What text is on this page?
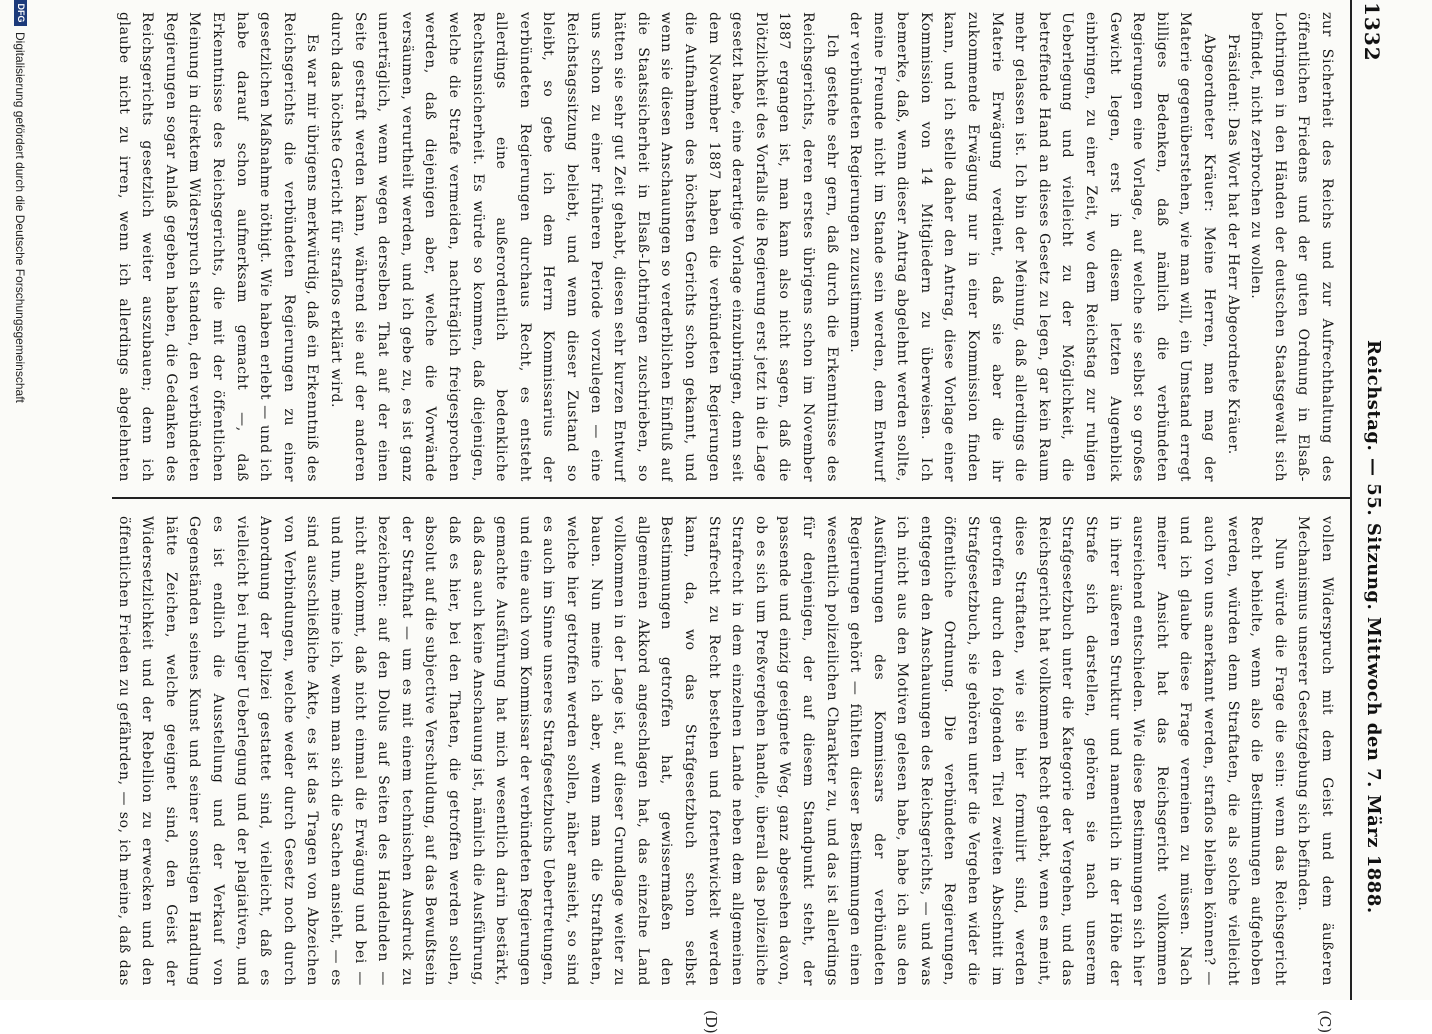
1332
Reichstag. — 55. Sitzung. Mittwoch den 7. März 1888.
(C)
(D)

zur Sicherheit des Reichs und zur Aufrechthaltung des öffentlichen Friedens und der guten Ordnung in Elsaß-Lothringen in den Händen der deutschen Staatsgewalt sich befindet, nicht zerbrochen zu wollen.

Präsident: Das Wort hat der Herr Abgeordnete Kräuer.

Abgeordneter Kräuer: Meine Herren, man mag der Materie gegenüberstehen, wie man will, ein Umstand erregt billiges Bedenken, daß nämlich die verbündeten Regierungen eine Vorlage, auf welche sie selbst so großes Gewicht legen, erst in diesem letzten Augenblick einbringen, zu einer Zeit, wo dem Reichstag zur ruhigen Ueberlegung und vielleicht zu der Möglichkeit, die betreffende Hand an dieses Gesetz zu legen, gar kein Raum mehr gelassen ist. Ich bin der Meinung, daß allerdings die Materie Erwägung verdient, daß sie aber die ihr zukommende Erwägung nur in einer Kommission finden kann, und ich stelle daher den Antrag, diese Vorlage einer Kommission von 14 Mitgliedern zu überweisen. Ich bemerke, daß, wenn dieser Antrag abgelehnt werden sollte, meine Freunde nicht im Stande sein werden, dem Entwurf der verbündeten Regierungen zuzustimmen.

Ich gestehe sehr gern, daß durch die Erkenntnisse des Reichsgerichts, deren erstes übrigens schon im November 1887 ergangen ist, man kann also nicht sagen, daß die Plötzlichkeit des Vorfalls die Regierung erst jetzt in die Lage gesetzt habe, eine derartige Vorlage einzubringen, denn seit dem November 1887 haben die verbündeten Regierungen die Aufnahmen des höchsten Gerichts schon gekannt, und wenn sie diesen Anschauungen so verderblichen Einfluß auf die Staatssicherheit in Elsaß-Lothringen zuschrieben, so hätten sie sehr gut Zeit gehabt, diesen sehr kurzen Entwurf uns schon zu einer früheren Periode vorzulegen — eine Reichstagssitzung beliebt, und wenn dieser Zustand so bleibt, so gebe ich dem Herrn Kommissarius der verbündeten Regierungen durchaus Recht, es entsteht allerdings eine außerordentlich bedenkliche Rechtsunsicherheit. Es würde so kommen, daß diejenigen, welche die Strafe vermeiden, nachträglich freigesprochen werden, daß diejenigen aber, welche die Vorwände versäumen, verurtheilt werden, und ich gebe zu, es ist ganz unerträglich, wenn wegen derselben That auf der einen Seite gestraft werden kann, während sie auf der anderen durch das höchste Gericht für straflos erklärt wird.

Es war mir übrigens merkwürdig, daß ein Erkenntniß des Reichsgerichts die verbündeten Regierungen zu einer gesetzlichen Maßnahme nöthigt. Wie haben erlebt — und ich habe darauf schon aufmerksam gemacht —, daß Erkenntnisse des Reichsgerichts, die mit der öffentlichen Meinung in direktem Widerspruch standen, den verbündeten Regierungen sogar Anlaß gegeben haben, die Gedanken des Reichsgerichts gesetzlich weiter auszubauen; denn ich glaube nicht zu irren, wenn ich allerdings abgelehnten

vollen Widerspruch mit dem Geist und dem äußeren Mechanismus unserer Gesetzgebung sich befinden.

Nun würde die Frage die sein: wenn das Reichsgericht Recht behielte, wenn also die Bestimmungen aufgehoben werden, würden denn Straftaten, die als solche vielleicht auch von uns anerkannt werden, straflos bleiben können? — und ich glaube diese Frage verneinen zu müssen. Nach meiner Ansicht hat das Reichsgericht vollkommen ausreichend entschieden. Wie diese Bestimmungen sich hier in ihrer äußeren Struktur und namentlich in der Höhe der Strafe sich darstellen, gehören sie nach unserem Strafgesetzbuch unter die Kategorie der Vergehen, und das Reichsgericht hat vollkommen Recht gehabt, wenn es meint, diese Straftaten, wie sie hier formulirt sind, werden getroffen durch den folgenden Titel zweiten Abschnitt im Strafgesetzbuch, sie gehören unter die Vergehen wider die öffentliche Ordnung. Die verbündeten Regierungen, entgegen den Anschauungen des Reichsgerichts, — und was ich nicht aus den Motiven gelesen habe, habe ich aus den Ausführungen des Kommissars der verbündeten Regierungen gehört — fühlten dieser Bestimmungen einen wesentlich polizeilichen Charakter zu, und das ist allerdings für denjenigen, der auf diesem Standpunkt steht, der passende und einzig geeignete Weg, ganz abgesehen davon, ob es sich um Preßvergehen handle, überall das polizeiliche Strafrecht in dem einzelnen Lande neben dem allgemeinen Strafrecht zu Recht bestehen und fortentwickelt werden kann, da, wo das Strafgesetzbuch schon selbst Bestimmungen getroffen hat, gewissermaßen den allgemeinen Akkord angeschlagen hat, das einzelne Land vollkommen in der Lage ist, auf dieser Grundlage weiter zu bauen. Nun meine ich aber, wenn man die Strafthaten, welche hier getroffen werden sollen, näher ansieht, so sind es auch im Sinne unseres Strafgesetzbuchs Uebertretungen, und eine auch vom Kommissar der verbündeten Regierungen gemachte Ausführung hat mich wesentlich darin bestärkt, daß das auch keine Anschauung ist, nämlich die Ausführung, daß es hier, bei den Thaten, die getroffen werden sollen, absolut auf die subjective Verschuldung, auf das Bewußtsein der Strafthat — um es mit einem technischen Ausdruck zu bezeichnen: auf den Dolus auf Seiten des Handelnden — nicht ankommt, daß nicht einmal die Erwägung und bei — und nun, meine ich, wenn man sich die Sachen ansieht, — es sind ausschließliche Akte, es ist das Tragen von Abzeichen von Verbindungen, welche weder durch Gesetz noch durch Anordnung der Polizei gestattet sind, vielleicht, daß es vielleicht bei ruhiger Ueberlegung und der plagiativen, und es ist endlich die Ausstellung und der Verkauf von Gegenständen seines Kunst und seiner sonstigen Handlung hätte Zeichen, welche geeignet sind, den Geist der Widersetzlichkeit und der Rebellion zu erwecken und den öffentlichen Frieden zu gefährden, — so, ich meine, daß das

DFGDigitalisierung gefördert durch die Deutsche Forschungsgemeinschaft
